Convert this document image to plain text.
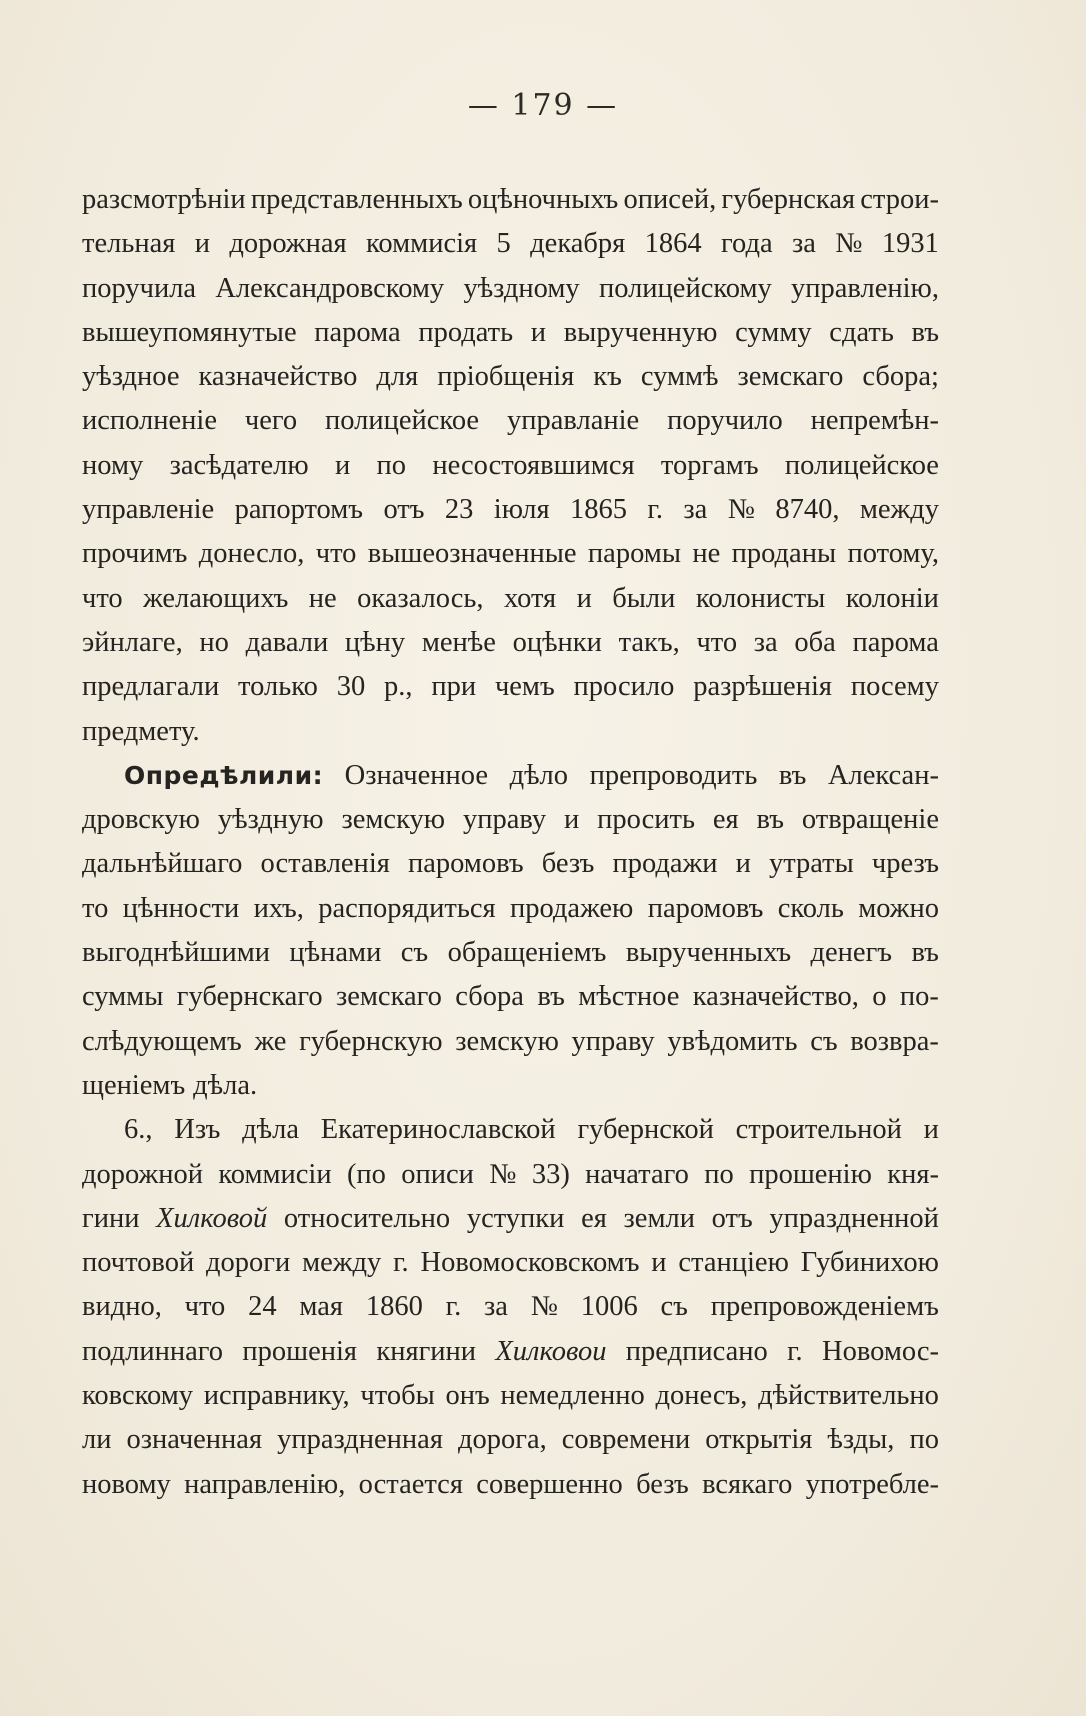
— 179 —
разсмотрѣніи представленныхъ оцѣночныхъ описей, губернская строи-
тельная и дорожная коммисія 5 декабря 1864 года за № 1931
поручила Александровскому уѣздному полицейскому управленію,
вышеупомянутые парома продать и вырученную сумму сдать въ
уѣздное казначейство для пріобщенія къ суммѣ земскаго сбора;
исполненіе чего полицейское управланіе поручило непремѣн-
ному засѣдателю и по несостоявшимся торгамъ полицейское
управленіе рапортомъ отъ 23 іюля 1865 г. за № 8740, между
прочимъ донесло, что вышеозначенные паромы не проданы потому,
что желающихъ не оказалось, хотя и были колонисты колоніи
эйнлаге, но давали цѣну менѣе оцѣнки такъ, что за оба парома
предлагали только 30 р., при чемъ просило разрѣшенія посему
предмету.
Опредѣлили: Означенное дѣло препроводить въ Алексан-
дровскую уѣздную земскую управу и просить ея въ отвращеніе
дальнѣйшаго оставленія паромовъ безъ продажи и утраты чрезъ
то цѣнности ихъ, распорядиться продажею паромовъ сколь можно
выгоднѣйшими цѣнами съ обращеніемъ вырученныхъ денегъ въ
суммы губернскаго земскаго сбора въ мѣстное казначейство, о по-
слѣдующемъ же губернскую земскую управу увѣдомить съ возвра-
щеніемъ дѣла.
6., Изъ дѣла Екатеринославской губернской строительной и
дорожной коммисіи (по описи № 33) начатаго по прошенію кня-
гини Хилковой относительно уступки ея земли отъ упраздненной
почтовой дороги между г. Новомосковскомъ и станціею Губинихою
видно, что 24 мая 1860 г. за № 1006 съ препровожденіемъ
подлиннаго прошенія княгини Хилковои предписано г. Новомос-
ковскому исправнику, чтобы онъ немедленно донесъ, дѣйствительно
ли означенная упраздненная дорога, современи открытія ѣзды, по
новому направленію, остается совершенно безъ всякаго употребле-
